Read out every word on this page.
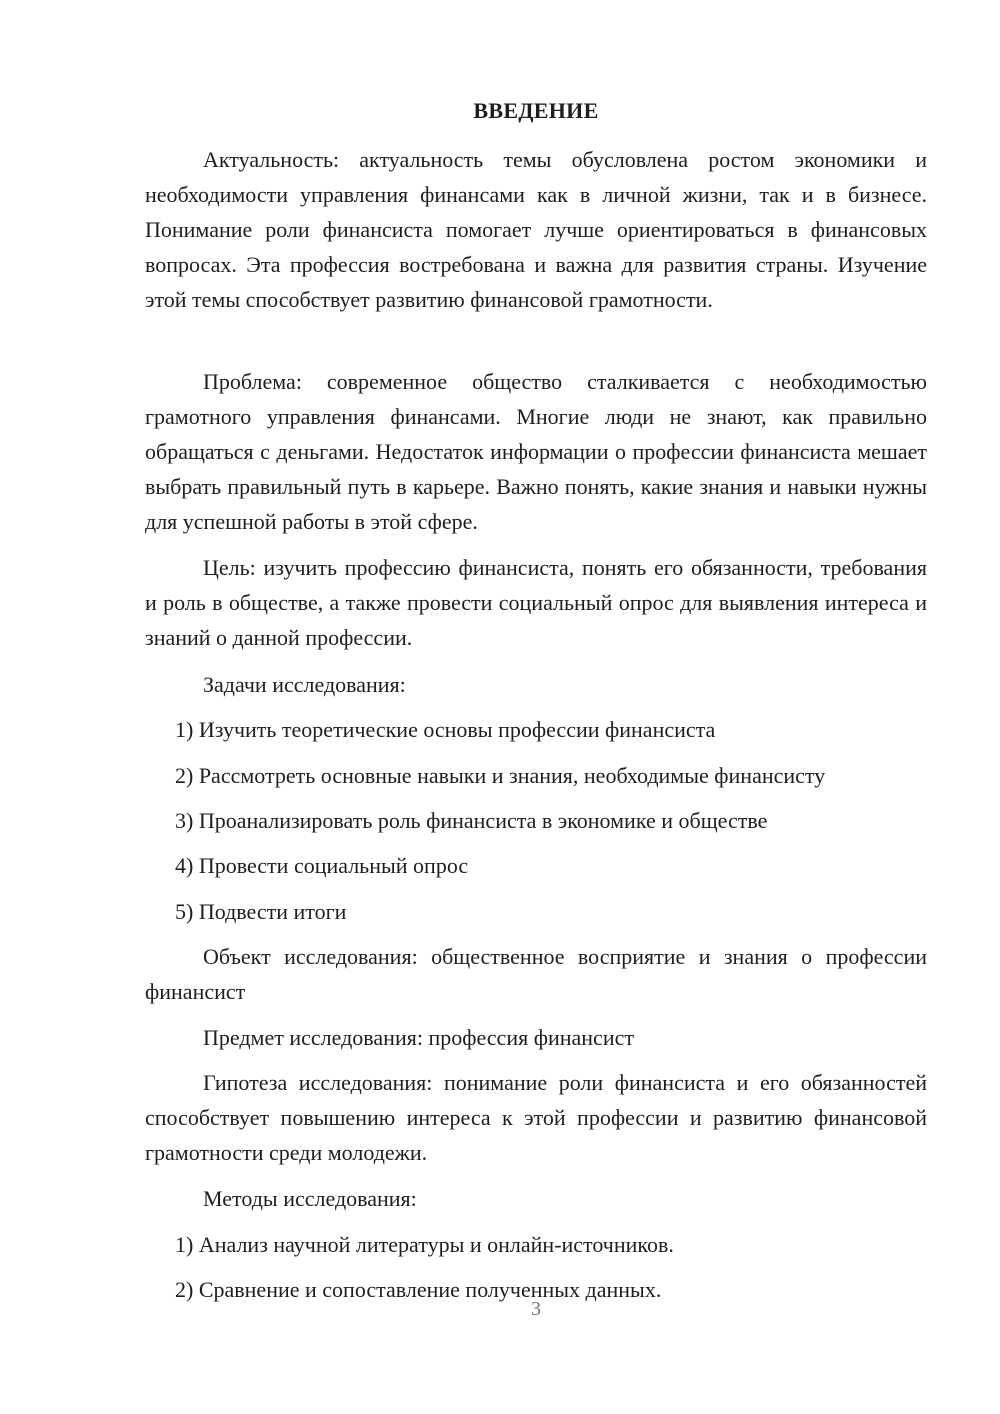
ВВЕДЕНИЕ

Актуальность: актуальность темы обусловлена ростом экономики и необходимости управления финансами как в личной жизни, так и в бизнесе. Понимание роли финансиста помогает лучше ориентироваться в финансовых вопросах. Эта профессия востребована и важна для развития страны. Изучение этой темы способствует развитию финансовой грамотности.

Проблема: современное общество сталкивается с необходимостью грамотного управления финансами. Многие люди не знают, как правильно обращаться с деньгами. Недостаток информации о профессии финансиста мешает выбрать правильный путь в карьере. Важно понять, какие знания и навыки нужны для успешной работы в этой сфере.

Цель: изучить профессию финансиста, понять его обязанности, требования и роль в обществе, а также провести социальный опрос для выявления интереса и знаний о данной профессии.

Задачи исследования:
1) Изучить теоретические основы профессии финансиста
2) Рассмотреть основные навыки и знания, необходимые финансисту
3) Проанализировать роль финансиста в экономике и обществе
4) Провести социальный опрос
5) Подвести итоги

Объект исследования: общественное восприятие и знания о профессии финансист

Предмет исследования: профессия финансист

Гипотеза исследования: понимание роли финансиста и его обязанностей способствует повышению интереса к этой профессии и развитию финансовой грамотности среди молодежи.

Методы исследования:
1) Анализ научной литературы и онлайн-источников.
2) Сравнение и сопоставление полученных данных.
3
